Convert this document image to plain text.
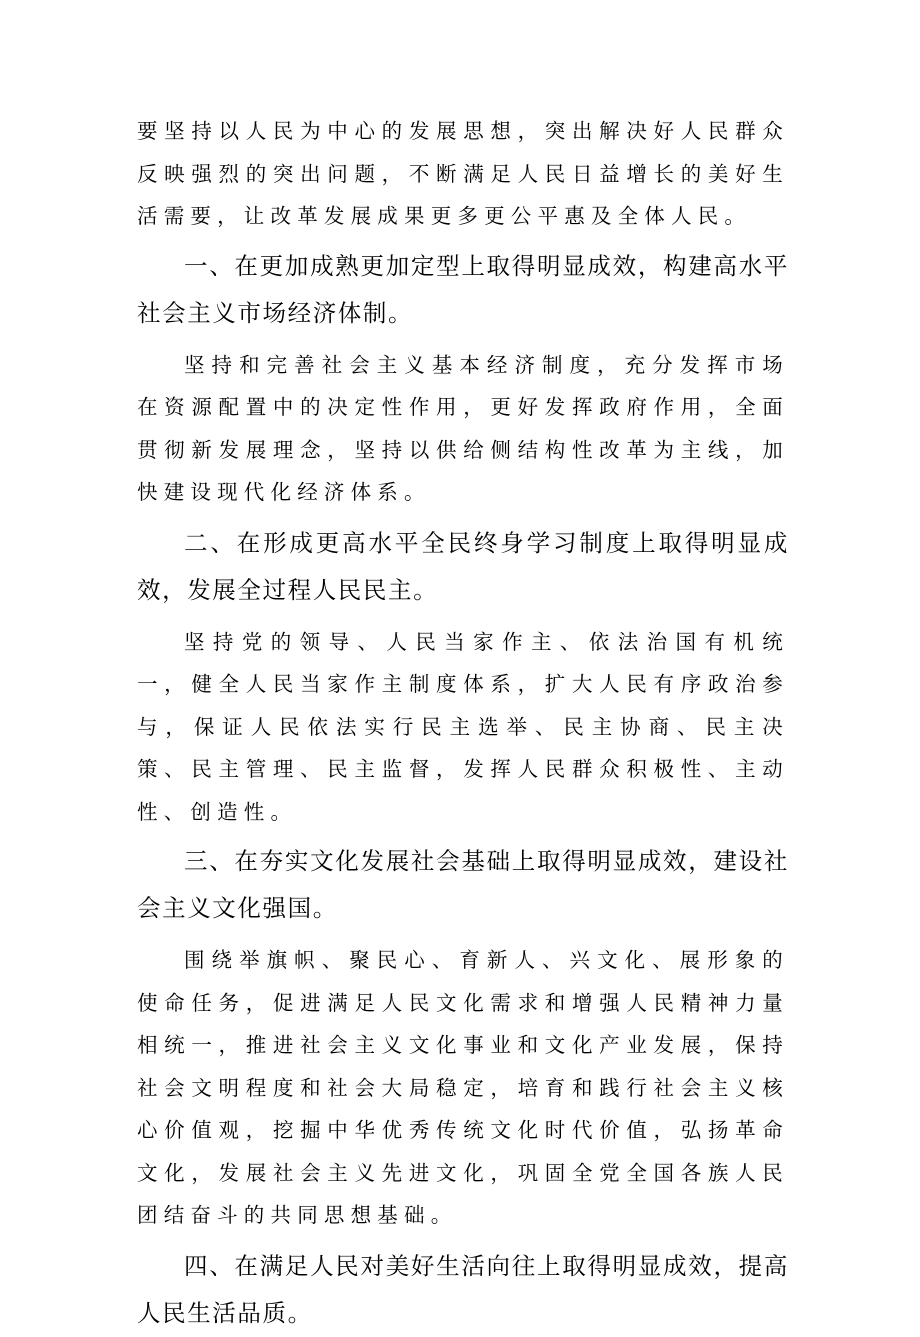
要坚持以人民为中心的发展思想，突出解决好人民群众反映强烈的突出问题，不断满足人民日益增长的美好生活需要，让改革发展成果更多更公平惠及全体人民。

一、在更加成熟更加定型上取得明显成效，构建高水平社会主义市场经济体制。

坚持和完善社会主义基本经济制度，充分发挥市场在资源配置中的决定性作用，更好发挥政府作用，全面贯彻新发展理念，坚持以供给侧结构性改革为主线，加快建设现代化经济体系。

二、在形成更高水平全民终身学习制度上取得明显成效，发展全过程人民民主。

坚持党的领导、人民当家作主、依法治国有机统一，健全人民当家作主制度体系，扩大人民有序政治参与，保证人民依法实行民主选举、民主协商、民主决策、民主管理、民主监督，发挥人民群众积极性、主动性、创造性。

三、在夯实文化发展社会基础上取得明显成效，建设社会主义文化强国。

围绕举旗帜、聚民心、育新人、兴文化、展形象的使命任务，促进满足人民文化需求和增强人民精神力量相统一，推进社会主义文化事业和文化产业发展，保持社会文明程度和社会大局稳定，培育和践行社会主义核心价值观，挖掘中华优秀传统文化时代价值，弘扬革命文化，发展社会主义先进文化，巩固全党全国各族人民团结奋斗的共同思想基础。

四、在满足人民对美好生活向往上取得明显成效，提高人民生活品质。
